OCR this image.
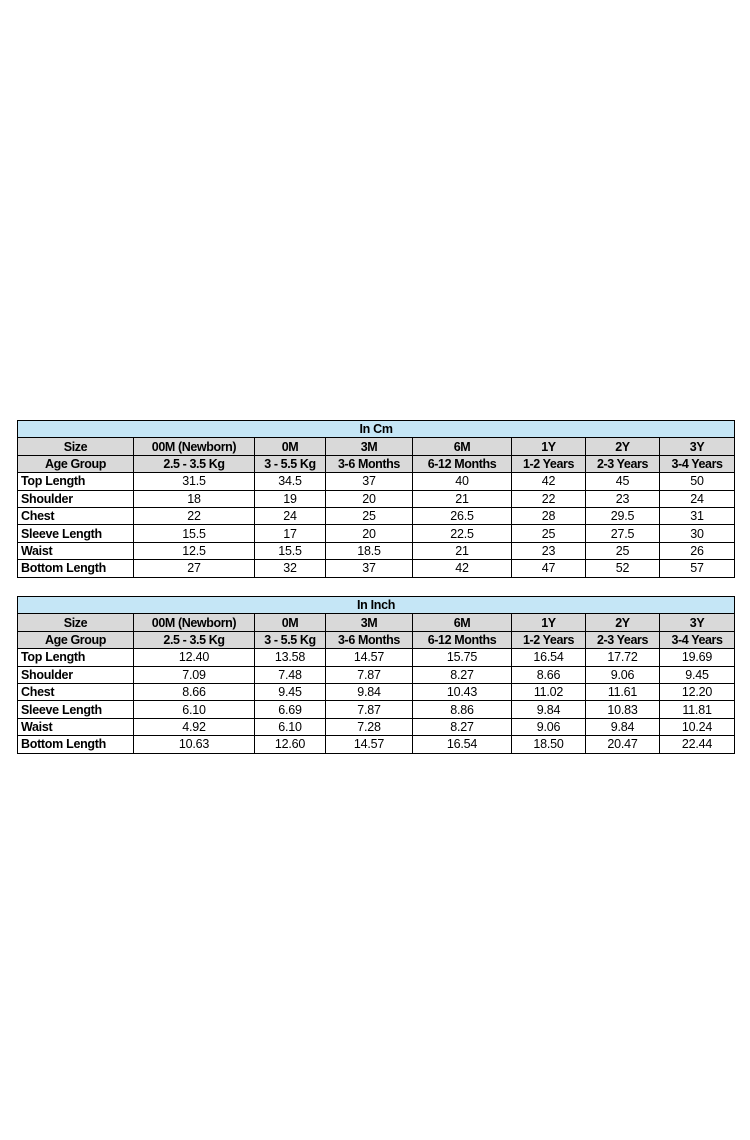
In Cm							
Size	00M (Newborn)	0M	3M	6M	1Y	2Y	3Y
Age Group	2.5 - 3.5 Kg	3 - 5.5 Kg	3-6 Months	6-12 Months	1-2 Years	2-3 Years	3-4 Years
Top Length	31.5	34.5	37	40	42	45	50
Shoulder	18	19	20	21	22	23	24
Chest	22	24	25	26.5	28	29.5	31
Sleeve Length	15.5	17	20	22.5	25	27.5	30
Waist	12.5	15.5	18.5	21	23	25	26
Bottom Length	27	32	37	42	47	52	57
In Inch							
Size	00M (Newborn)	0M	3M	6M	1Y	2Y	3Y
Age Group	2.5 - 3.5 Kg	3 - 5.5 Kg	3-6 Months	6-12 Months	1-2 Years	2-3 Years	3-4 Years
Top Length	12.40	13.58	14.57	15.75	16.54	17.72	19.69
Shoulder	7.09	7.48	7.87	8.27	8.66	9.06	9.45
Chest	8.66	9.45	9.84	10.43	11.02	11.61	12.20
Sleeve Length	6.10	6.69	7.87	8.86	9.84	10.83	11.81
Waist	4.92	6.10	7.28	8.27	9.06	9.84	10.24
Bottom Length	10.63	12.60	14.57	16.54	18.50	20.47	22.44
